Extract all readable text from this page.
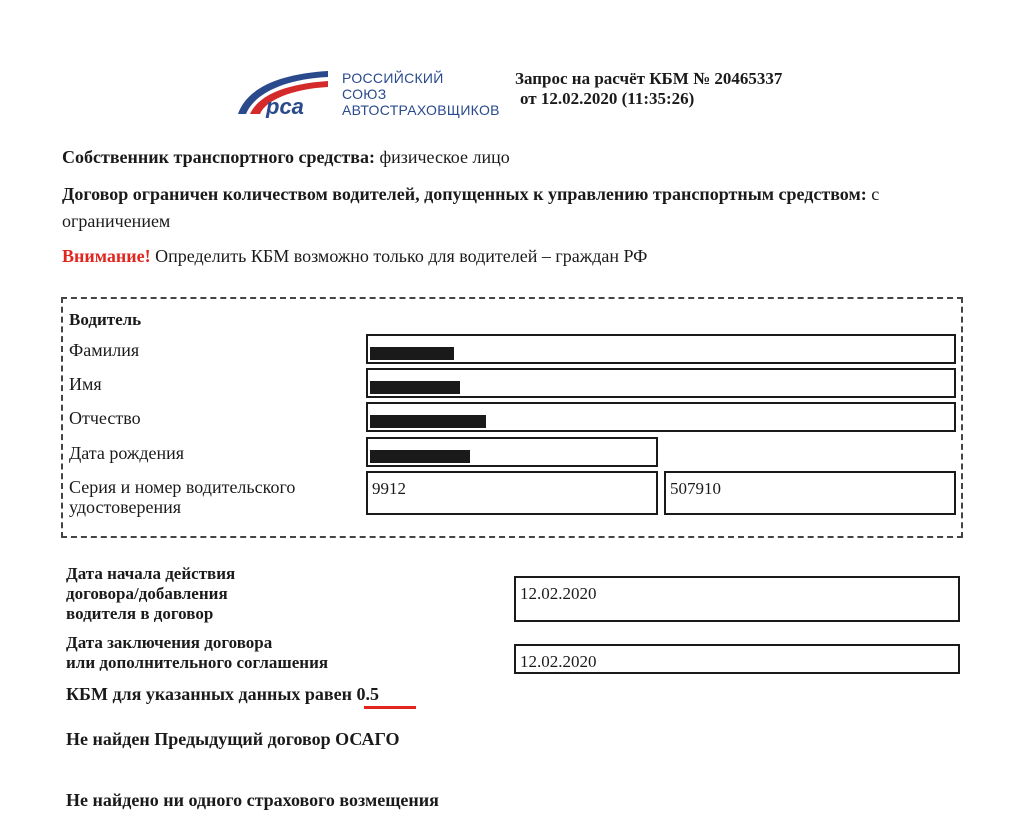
pca
РОССИЙСКИЙ
СОЮЗ
АВТОСТРАХОВЩИКОВ
Запрос на расчёт КБМ № 20465337
от 12.02.2020 (11:35:26)
Собственник транспортного средства: физическое лицо
Договор ограничен количеством водителей, допущенных к управлению транспортным средством: с
ограничением
Внимание! Определить КБМ возможно только для водителей – граждан РФ
Водитель
Фамилия
Имя
Отчество
Дата рождения
Серия и номер водительского
удостоверения
9912	507910
Дата начала действия
договора/добавления
водителя в договор
12.02.2020
Дата заключения договора
или дополнительного соглашения	12.02.2020
КБМ для указанных данных равен 0.5
Не найден Предыдущий договор ОСАГО
Не найдено ни одного страхового возмещения
